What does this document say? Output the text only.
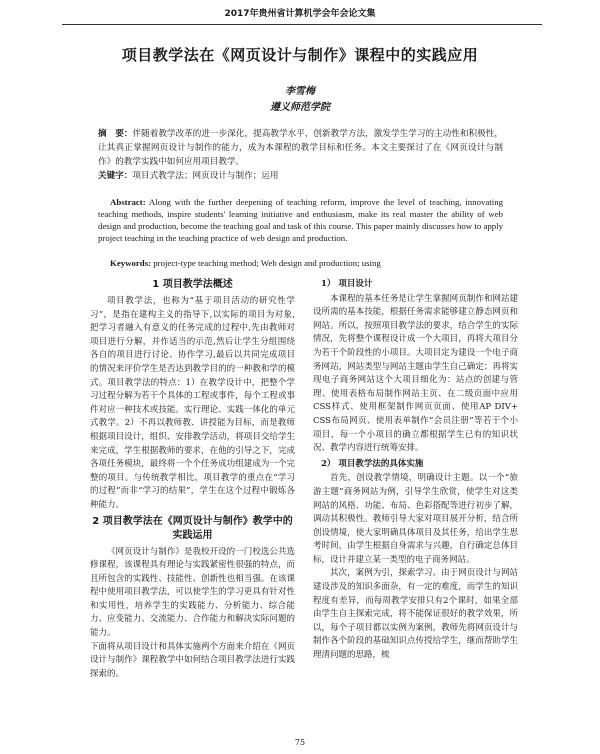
2017年贵州省计算机学会年会论文集
项目教学法在《网页设计与制作》课程中的实践应用
李雪梅
遵义师范学院
摘　要：伴随着教学改革的进一步深化，提高教学水平，创新教学方法，激发学生学习的主动性和积极性，让其真正掌握网页设计与制作的能力，成为本课程的教学目标和任务。本文主要探讨了在《网页设计与制作》的教学实践中如何应用项目教学。
关键字：项目式教学法；网页设计与制作；运用
Abstract: Along with the further deepening of teaching reform, improve the level of teaching, innovating teaching methods, inspire students' learning initiative and enthusiasm, make its real master the ability of web design and production, become the teaching goal and task of this course. This paper mainly discusses how to apply project teaching in the teaching practice of web design and production.
Keywords: project-type teaching method; Web design and production; using
1 项目教学法概述

项目教学法，也称为“基于项目活动的研究性学习”，是指在建构主义的指导下,以实际的项目为对象,把学习者融入有意义的任务完成的过程中,先由教师对项目进行分解，并作适当的示范,然后让学生分组围绕各自的项目进行讨论、协作学习,最后以共同完成项目的情况来评价学生是否达到教学目的的一种教和学的模式。项目教学法的特点：1）在教学设计中，把整个学习过程分解为若干个具体的工程或事件，每个工程或事件对应一种技术或技能。实行理论、实践一体化的单元式教学。2）不再以教师教、讲授能为目标，而是教师根据项目设计，组织、安排教学活动，将项目交给学生来完成，学生根据教师的要求，在他的引导之下，完成各项任务模块，最终将一个个任务成功组建成为一个完整的项目。与传统教学相比，项目教学的重点在“学习的过程”而非“学习的结果”，学生在这个过程中锻炼各种能力。

2 项目教学法在《网页设计与制作》教学中的实践运用

《网页设计与制作》是我校开设的一门校选公共选修课程，该课程具有理论与实践紧密性很强的特点，而且所包含的实践性、技能性、创新性也相当强。在该课程中使用项目教学法，可以使学生的学习更具有针对性和实用性，培养学生的实践能力、分析能力、综合能力、应变能力、交流能力、合作能力和解决实际问题的能力。

下面将从项目设计和具体实施两个方面来介绍在《网页设计与制作》课程教学中如何结合项目教学法进行实践探索的。

1） 项目设计

本课程的基本任务是让学生掌握网页制作和网站建设所需的基本技能，根据任务需求能够建立静态网页和网站。所以，按照项目教学法的要求，结合学生的实际情况，先将整个课程设计成一个大项目，再将大项目分为若干个阶段性的小项目。大项目定为建设一个电子商务网站，网站类型与网站主题由学生自己确定；再将实现电子商务网站这个大项目细化为：站点的创建与管理、使用表格布局制作网站主页、在二级页面中应用CSS样式、使用框架制作网页页面、使用AP DIV+ CSS布局网页、使用表单制作“会员注册”等若干个小项目，每一个小项目的确立都根据学生已有的知识状况、教学内容进行统筹安排。

2） 项目教学法的具体实施

首先，创设教学情境，明确设计主题。以一个“旅游主题”商务网站为例，引导学生欣赏，使学生对这类网站的风格、功能、布局、色彩搭配等进行初步了解，调动其积极性。教师引导大家对项目展开分析，结合所创设情境，使大家明确具体项目及其任务，给出学生思考时间，由学生根据自身需求与兴趣，自行确定总体目标，设计并建立某一类型的电子商务网站。

其次，案例为引，探索学习。由于网页设计与网站建设涉及的知识多面杂，有一定的难度，而学生的知识程度有差异，而每周教学安排只有2个课时，如果全部由学生自主探索完成，将不能保证很好的教学效果，所以，每个子项目都以实例为案例，教师先将网页设计与制作各个阶段的基础知识点传授给学生，继而帮助学生理清问题的思路，梳

75
